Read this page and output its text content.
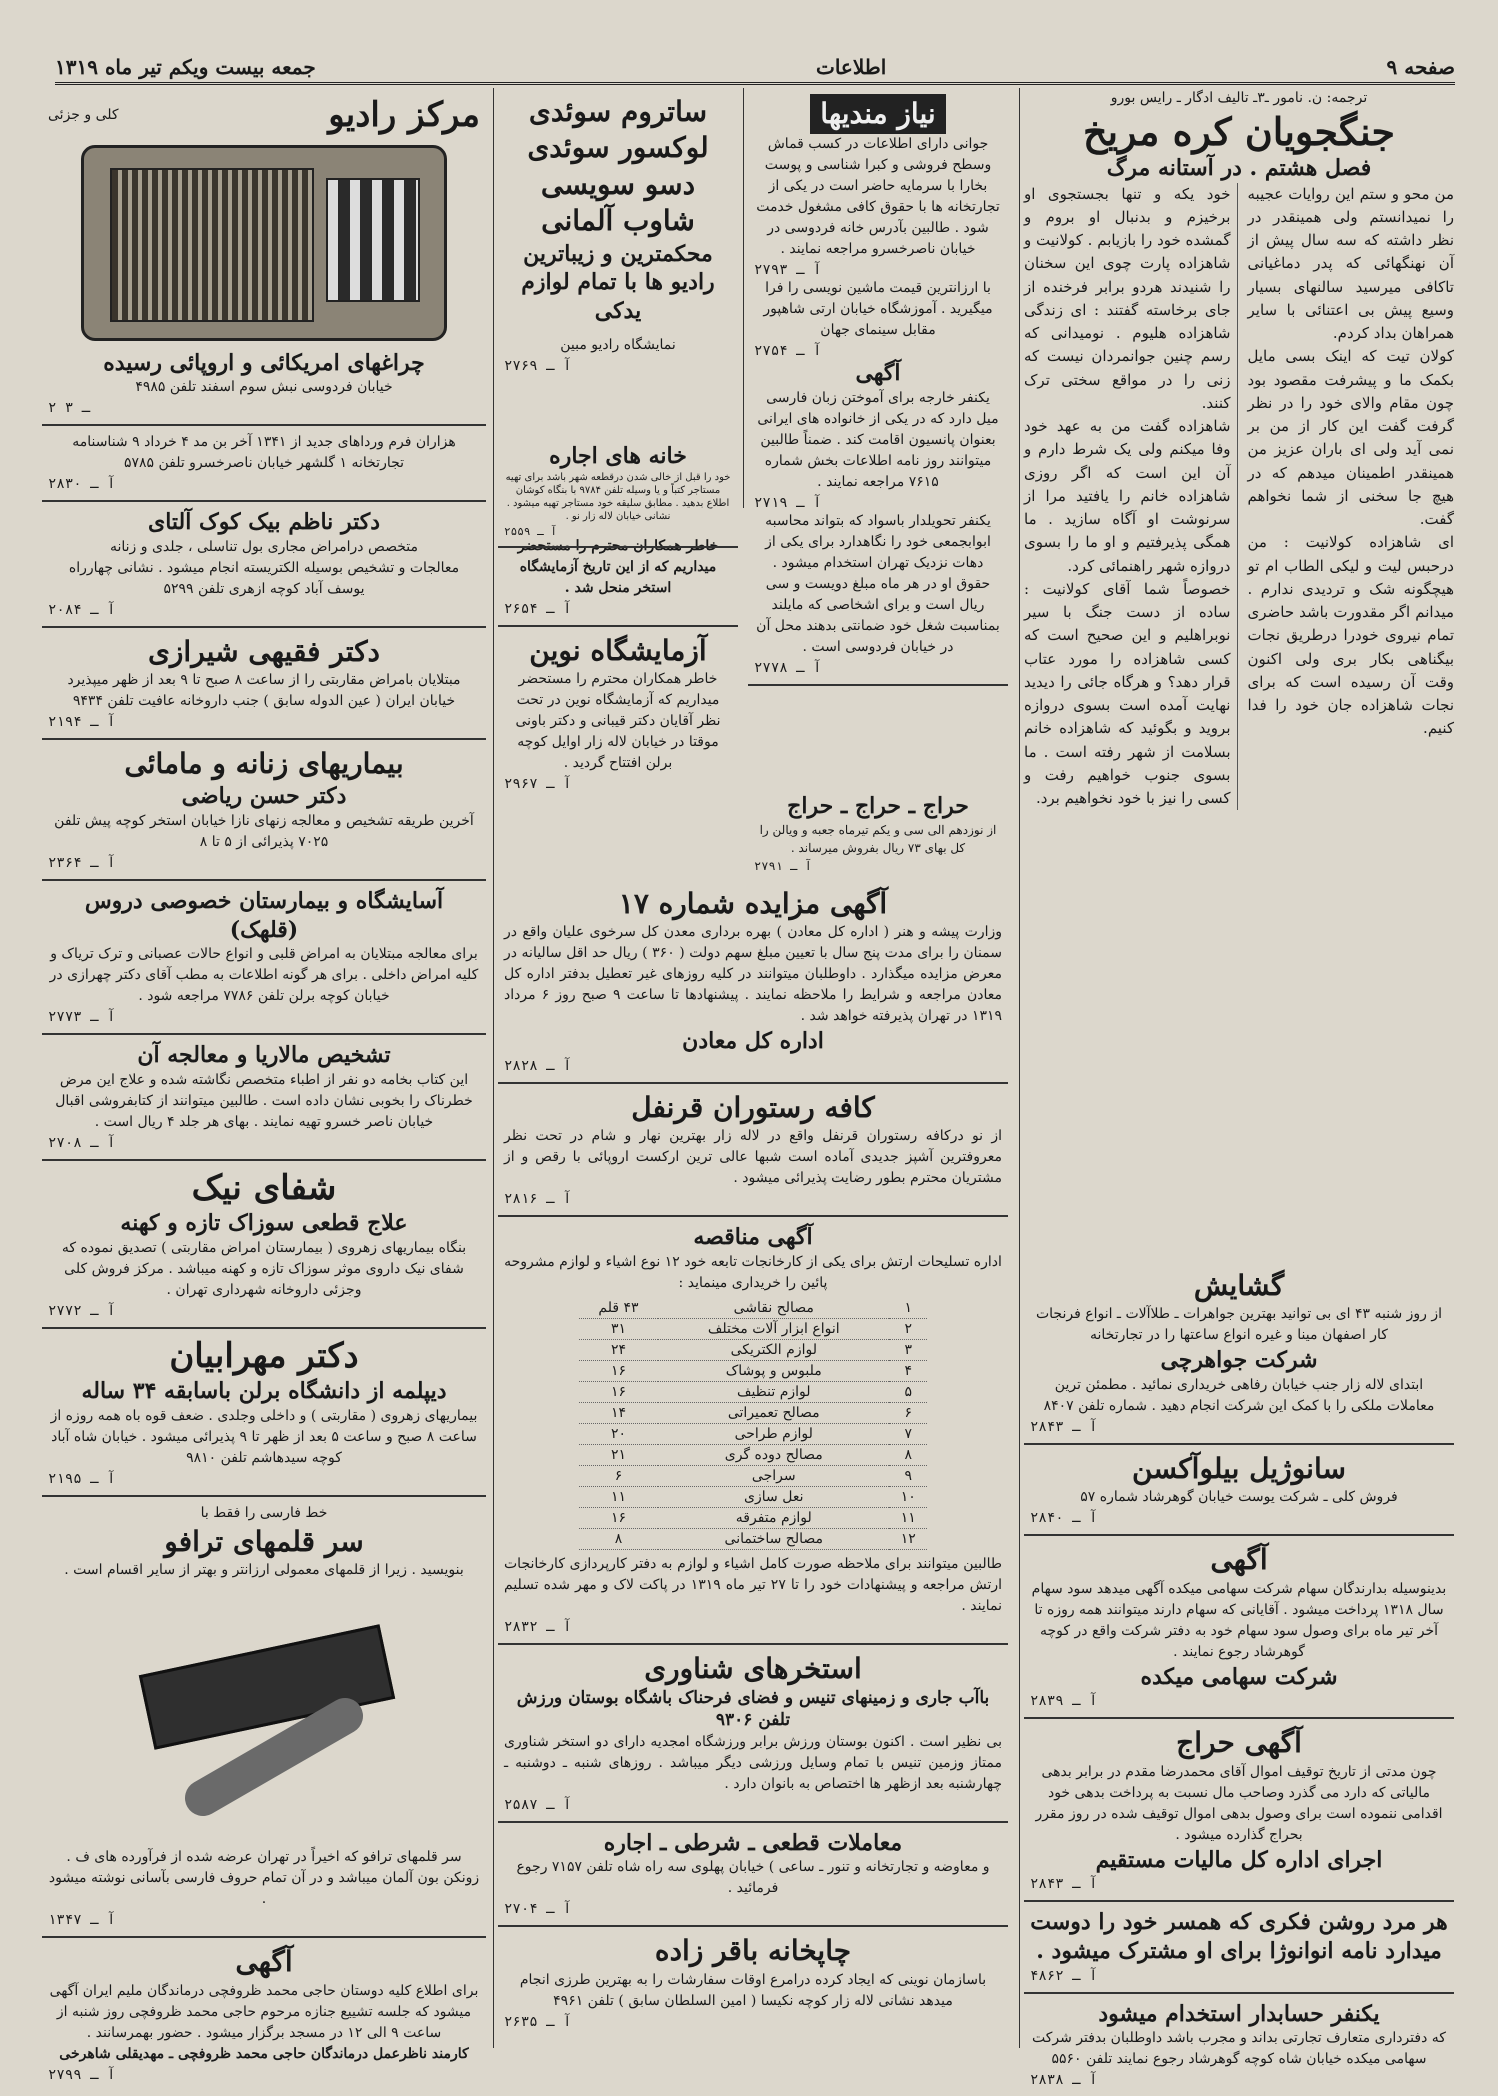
صفحه ۹
اطلاعات
جمعه بیست ویکم تیر ماه ۱۳۱۹
ترجمه: ن. نامور ـ۳ـ تالیف ادگار ـ رایس بورو
جنگجویان کره مریخ
فصل هشتم . در آستانه مرگ
من محو و ستم این روایات عجیبه را نمیدانستم ولی همینقدر در نظر داشته که سه سال پیش از آن نهنگهائی که پدر دماغیانی تاکافی میرسید سالنهای بسیار وسیع پیش بی اعتنائی با سایر همراهان بداد کردم.
کولان تیت که اینک بسی مایل بکمک ما و پیشرفت مقصود بود چون مقام والای خود را در نظر گرفت گفت این کار از من بر نمی آید ولی ای باران عزیز من همینقدر اطمینان میدهم که در هیچ جا سخنی از شما نخواهم گفت.
ای شاهزاده کولانیت : من درحبس لیت و لیکی الطاب ام تو هیچگونه شک و تردیدی ندارم . میدانم اگر مقدورت باشد حاضری تمام نیروی خودرا درطریق نجات بیگناهی بکار بری ولی اکنون وقت آن رسیده است که برای نجات شاهزاده جان خود را فدا کنیم.
خود یکه و تنها بجستجوی او برخیزم و بدنبال او بروم و گمشده خود را بازیابم . کولانیت و شاهزاده پارت چوی این سخنان را شنیدند هردو برابر فرخنده از جای برخاسته گفتند : ای زندگی شاهزاده هلیوم . نومیدانی که رسم چنین جوانمردان نیست که زنی را در مواقع سختی ترک کنند.
شاهزاده گفت من به عهد خود وفا میکنم ولی یک شرط دارم و آن این است که اگر روزی شاهزاده خانم را یافتید مرا از سرنوشت او آگاه سازید . ما همگی پذیرفتیم و او ما را بسوی دروازه شهر راهنمائی کرد.
خصوصاً شما آقای کولانیت : ساده از دست جنگ با سیر نوبراهلیم و این صحیح است که کسی شاهزاده را مورد عتاب قرار دهد؟ و هرگاه جائی را دیدید نهایت آمده است بسوی دروازه بروید و بگوئید که شاهزاده خانم بسلامت از شهر رفته است . ما بسوی جنوب خواهیم رفت و کسی را نیز با خود نخواهیم برد.
گشایش
از روز شنبه ۴۳ ای بی توانید بهترین جواهرات ـ طلاآلات ـ انواع فرنجات کار اصفهان مینا و غیره انواع ساعتها را در تجارتخانه
شرکت جواهرچی
ابتدای لاله زار جنب خیابان رفاهی خریداری نمائید . مطمئن ترین معاملات ملکی را با کمک این شرکت انجام دهید . شماره تلفن ۸۴۰۷
آ ـ ۲۸۴۳
سانوژیل بیلوآکسن
فروش کلی ـ شرکت یوست خیابان گوهرشاد شماره ۵۷
آ ـ ۲۸۴۰
آگهی
بدینوسیله بدارندگان سهام شرکت سهامی میکده آگهی میدهد سود سهام سال ۱۳۱۸ پرداخت میشود . آقایانی که سهام دارند میتوانند همه روزه تا آخر تیر ماه برای وصول سود سهام خود به دفتر شرکت واقع در کوچه گوهرشاد رجوع نمایند .
شرکت سهامی میکده
آ ـ ۲۸۳۹
آگهی حراج
چون مدتی از تاریخ توقیف اموال آقای محمدرضا مقدم در برابر بدهی مالیاتی که دارد می گذرد وصاحب مال نسبت به پرداخت بدهی خود اقدامی ننموده است برای وصول بدهی اموال توقیف شده در روز مقرر بحراج گذارده میشود .
اجرای اداره کل مالیات مستقیم
آ ـ ۲۸۴۳
هر مرد روشن فکری که همسر خود را دوست میدارد نامه انوانوژا برای او مشترک میشود .
آ ـ ۴۸۶۲
یکنفر حسابدار استخدام میشود
که دفترداری متعارف تجارتی بداند و مجرب باشد داوطلبان بدفتر شرکت سهامی میکده خیابان شاه کوچه گوهرشاد رجوع نمایند تلفن ۵۵۶۰
آ ـ ۲۸۳۸
نیاز مندیها
جوانی دارای اطلاعات در کسب قماش وسطح فروشی و کبرا شناسی و پوست بخارا با سرمایه حاضر است در یکی از تجارتخانه ها با حقوق کافی مشغول خدمت شود . طالبین بآدرس خانه فردوسی در خیابان ناصرخسرو مراجعه نمایند .
آ ـ ۲۷۹۳
با ارزانترین قیمت ماشین نویسی را فرا میگیرید . آموزشگاه خیابان ارتی شاهپور مقابل سینمای جهان
آ ـ ۲۷۵۴
آگهی
یکنفر خارجه برای آموختن زبان فارسی میل دارد که در یکی از خانواده های ایرانی بعنوان پانسیون اقامت کند . ضمناً طالبین میتوانند روز نامه اطلاعات بخش شماره ۷۶۱۵ مراجعه نمایند .
آ ـ ۲۷۱۹
یکنفر تحویلدار باسواد که بتواند محاسبه ابوابجمعی خود را نگاهدارد برای یکی از دهات نزدیک تهران استخدام میشود . حقوق او در هر ماه مبلغ دویست و سی ریال است و برای اشخاصی که مایلند بمناسبت شغل خود ضمانتی بدهند محل آن در خیابان فردوسی است .
آ ـ ۲۷۷۸
ساتروم سوئدی
لوکسور سوئدی
دسو سویسی
شاوب آلمانی
محکمترین و زیباترین
رادیو ها با تمام لوازم یدکی
نمایشگاه رادیو مبین
آ ـ ۲۷۶۹
مرکز رادیو
کلی و جزئی
چراغهای امریکائی و اروپائی رسیده
خیابان فردوسی نبش سوم اسفند تلفن ۴۹۸۵
۲ ـ ۳
هزاران فرم ورداهای جدید از ۱۳۴۱ آخر بن مد ۴ خرداد ۹ شناسنامه تجارتخانه ۱ گلشهر خیابان ناصرخسرو تلفن ۵۷۸۵
آ ـ ۲۸۳۰
دکتر ناظم بیک کوک آلتای
متخصص درامراض مجاری بول تناسلی ، جلدی و زنانه
معالجات و تشخیص بوسیله الکتریسته انجام میشود . نشانی چهارراه یوسف آباد کوچه ازهری تلفن ۵۲۹۹
آ ـ ۲۰۸۴
دکتر فقیهی شیرازی
مبتلایان بامراض مقاربتی را از ساعت ۸ صبح تا ۹ بعد از ظهر میپذیرد خیابان ایران ( عین الدوله سابق ) جنب داروخانه عافیت تلفن ۹۴۳۴
آ ـ ۲۱۹۴
بیماریهای زنانه و مامائی
دکتر حسن ریاضی
آخرین طریقه تشخیص و معالجه زنهای نازا خیابان استخر کوچه پیش تلفن ۷۰۲۵ پذیرائی از ۵ تا ۸
آ ـ ۲۳۶۴
آسایشگاه و بیمارستان خصوصی دروس (قلهک)
برای معالجه مبتلایان به امراض قلبی و انواع حالات عصبانی و ترک تریاک و کلیه امراض داخلی . برای هر گونه اطلاعات به مطب آقای دکتر چهرازی در خیابان کوچه برلن تلفن ۷۷۸۶ مراجعه شود .
آ ـ ۲۷۷۳
تشخیص مالاریا و معالجه آن
این کتاب بخامه دو نفر از اطباء متخصص نگاشته شده و علاج این مرض خطرناک را بخوبی نشان داده است . طالبین میتوانند از کتابفروشی اقبال خیابان ناصر خسرو تهیه نمایند . بهای هر جلد ۴ ریال است .
آ ـ ۲۷۰۸
شفای نیک
علاج قطعی سوزاک تازه و کهنه
بنگاه بیماریهای زهروی ( بیمارستان امراض مقاربتی ) تصدیق نموده که شفای نیک داروی موثر سوزاک تازه و کهنه میباشد . مرکز فروش کلی وجزئی داروخانه شهرداری تهران .
آ ـ ۲۷۷۲
دکتر مهرابیان
دیپلمه از دانشگاه برلن باسابقه ۳۴ ساله
بیماریهای زهروی ( مقاربتی ) و داخلی وجلدی . ضعف قوه باه همه روزه از ساعت ۸ صبح و ساعت ۵ بعد از ظهر تا ۹ پذیرائی میشود . خیابان شاه آباد کوچه سیدهاشم تلفن ۹۸۱۰
آ ـ ۲۱۹۵
خط فارسی را فقط با
سر قلمهای ترافو
بنویسید . زیرا از قلمهای معمولی ارزانتر و بهتر از سایر اقسام است .
سر قلمهای ترافو که اخیراً در تهران عرضه شده از فرآورده های ف . زونکن بون آلمان میباشد و در آن تمام حروف فارسی بآسانی نوشته میشود .
آ ـ ۱۳۴۷
آگهی
برای اطلاع کلیه دوستان حاجی محمد ظروفچی درماندگان ملیم ایران آگهی میشود که جلسه تشییع جنازه مرحوم حاجی محمد ظروفچی روز شنبه از ساعت ۹ الی ۱۲ در مسجد برگزار میشود . حضور بهمرسانند .
کارمند ناظرعمل درماندگان حاجی محمد ظروفچی ـ مهدیقلی شاهرخی
آ ـ ۲۷۹۹
آگهی مزایده شماره ۱۷
وزارت پیشه و هنر ( اداره کل معادن ) بهره برداری معدن کل سرخوی علیان واقع در سمنان را برای مدت پنج سال با تعیین مبلغ سهم دولت ( ۳۶۰ ) ریال حد اقل سالیانه در معرض مزایده میگذارد . داوطلبان میتوانند در کلیه روزهای غیر تعطیل بدفتر اداره کل معادن مراجعه و شرایط را ملاحظه نمایند . پیشنهادها تا ساعت ۹ صبح روز ۶ مرداد ۱۳۱۹ در تهران پذیرفته خواهد شد .
اداره کل معادن
آ ـ ۲۸۲۸
کافه رستوران قرنفل
از نو درکافه رستوران قرنفل واقع در لاله زار بهترین نهار و شام در تحت نظر معروفترین آشپز جدیدی آماده است شبها عالی ترین ارکست اروپائی با رقص و از مشتریان محترم بطور رضایت پذیرائی میشود .
آ ـ ۲۸۱۶
آگهی مناقصه
اداره تسلیحات ارتش برای یکی از کارخانجات تابعه خود ۱۲ نوع اشیاء و لوازم مشروحه پائین را خریداری مینماید :
۱	مصالح نقاشی	۴۳ قلم
۲	انواع ابزار آلات مختلف	۳۱
۳	لوازم الکتریکی	۲۴
۴	ملبوس و پوشاک	۱۶
۵	لوازم تنظیف	۱۶
۶	مصالح تعمیراتی	۱۴
۷	لوازم طراحی	۲۰
۸	مصالح دوده گری	۲۱
۹	سراجی	۶
۱۰	نعل سازی	۱۱
۱۱	لوازم متفرقه	۱۶
۱۲	مصالح ساختمانی	۸
طالبین میتوانند برای ملاحظه صورت کامل اشیاء و لوازم به دفتر کارپردازی کارخانجات ارتش مراجعه و پیشنهادات خود را تا ۲۷ تیر ماه ۱۳۱۹ در پاکت لاک و مهر شده تسلیم نمایند .
آ ـ ۲۸۳۲
استخرهای شناوری
باآب جاری و زمینهای تنیس و فضای فرحناک باشگاه بوستان ورزش تلفن ۹۳۰۶
بی نظیر است . اکنون بوستان ورزش برابر ورزشگاه امجدیه دارای دو استخر شناوری ممتاز وزمین تنیس با تمام وسایل ورزشی دیگر میباشد . روزهای شنبه ـ دوشنبه ـ چهارشنبه بعد ازظهر ها اختصاص به بانوان دارد .
آ ـ ۲۵۸۷
معاملات قطعی ـ شرطی ـ اجاره
و معاوضه و تجارتخانه و تنور ـ ساعی ) خیابان پهلوی سه راه شاه تلفن ۷۱۵۷ رجوع فرمائید .
آ ـ ۲۷۰۴
چاپخانه باقر زاده
باسازمان نوینی که ایجاد کرده درامرع اوقات سفارشات را به بهترین طرزی انجام میدهد نشانی لاله زار کوچه نکیسا ( امین السلطان سابق ) تلفن ۴۹۶۱
آ ـ ۲۶۳۵
حراج ـ حراج ـ حراج
از نوزدهم الی سی و یکم تیرماه جعبه و ویالن را کل بهای ۷۳ ریال بفروش میرساند .
آ ـ ۲۷۹۱
خاطر همکاران محترم را مستحضر میداریم که از این تاریخ آزمایشگاه استخر منحل شد .
آ ـ ۲۶۵۴
آزمایشگاه نوین
خاطر همکاران محترم را مستحضر میداریم که آزمایشگاه نوین در تحت نظر آقایان دکتر قیبانی و دکتر باونی موقتا در خیابان لاله زار اوایل کوچه برلن افتتاح گردید .
آ ـ ۲۹۶۷
خانه های اجاره
خود را قبل از خالی شدن درقطعه شهر باشد برای تهیه مستاجر کتباً و یا وسیله تلفن ۹۷۸۴ با بنگاه کوشان اطلاع بدهید . مطابق سلیقه خود مستاجر تهیه میشود . نشانی خیابان لاله زار نو .
آ ـ ۲۵۵۹
